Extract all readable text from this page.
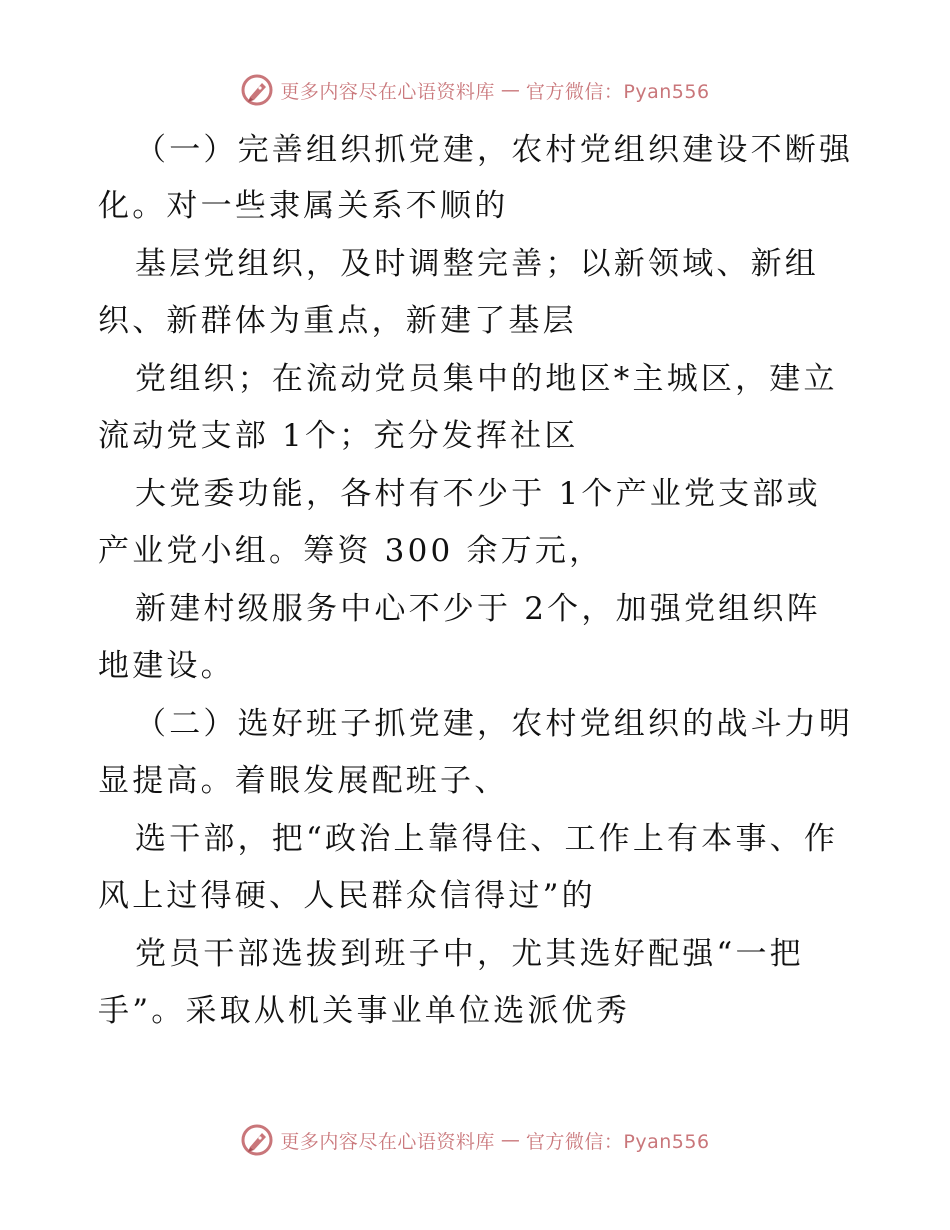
更多内容尽在心语资料库 — 官方微信：Pyan556
（一）完善组织抓党建，农村党组织建设不断强
化。对一些隶属关系不顺的
基层党组织，及时调整完善；以新领域、新组
织、新群体为重点，新建了基层
党组织；在流动党员集中的地区*主城区，建立
流动党支部 1个；充分发挥社区
大党委功能，各村有不少于 1个产业党支部或
产业党小组。筹资 300 余万元，
新建村级服务中心不少于 2个，加强党组织阵
地建设。
（二）选好班子抓党建，农村党组织的战斗力明
显提高。着眼发展配班子、
选干部，把“政治上靠得住、工作上有本事、作
风上过得硬、人民群众信得过”的
党员干部选拔到班子中，尤其选好配强“一把
手”。采取从机关事业单位选派优秀
更多内容尽在心语资料库 — 官方微信：Pyan556
